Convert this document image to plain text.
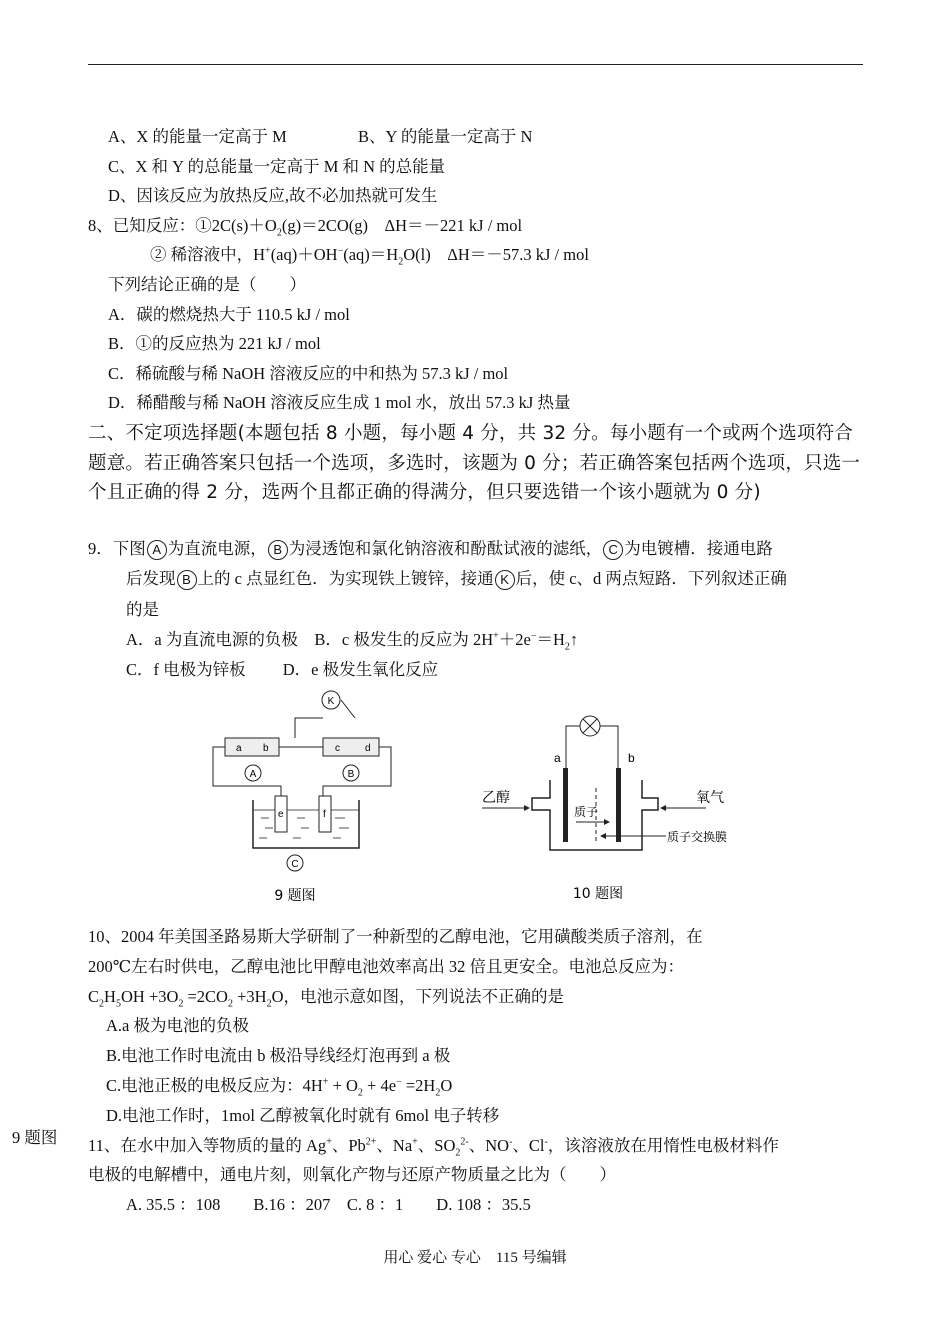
A、X 的能量一定高于 M	B、Y 的能量一定高于 N
C、X 和 Y 的总能量一定高于 M 和 N 的总能量
D、因该反应为放热反应,故不必加热就可发生
8、已知反应：$①2C(s)+O_2(g)=2CO(g)$　ΔH＝－221 kJ / mol
② 稀溶液中，$H^+(aq)+OH^-(aq)=H_2O(l)$　ΔH＝－57.3 kJ / mol
下列结论正确的是（　　）
A．碳的燃烧热大于 110.5 kJ / mol
B．①的反应热为 221 kJ / mol
C．稀硫酸与稀 NaOH 溶液反应的中和热为 57.3 kJ / mol
D．稀醋酸与稀 NaOH 溶液反应生成 1 mol 水，放出 57.3 kJ 热量
二、不定项选择题(本题包括 8 小题，每小题 4 分，共 32 分。每小题有一个或两个选项符合题意。若正确答案只包括一个选项，多选时，该题为 0 分；若正确答案包括两个选项，只选一个且正确的得 2 分，选两个且都正确的得满分，但只要选错一个该小题就为 0 分)
9．下图 A 为直流电源， B 为浸透饱和氯化钠溶液和酚酞试液的滤纸， C 为电镀槽．接通电路
后发现 B 上的 c 点显红色．为实现铁上镀锌，接通 K 后，使 c、d 两点短路．下列叙述正确
的是
A．a 为直流电源的负极　B．c 极发生的反应为 $2H^++2e^-=H_2↑$
C．f 电极为锌板　　 D．e 极发生氧化反应
K
a b
A
c	d
B
e	f
C
9 题图
a	b
质子
乙醇	氧气
质子交换膜
10 题图
10、2004 年美国圣路易斯大学研制了一种新型的乙醇电池，它用磺酸类质子溶剂，在
200℃左右时供电，乙醇电池比甲醇电池效率高出 32 倍且更安全。电池总反应为：
$C_2H_5OH +3O_2 =2CO_2 +3H_2O$，电池示意如图，下列说法不正确的是
A.a 极为电池的负极
B.电池工作时电流由 b 极沿导线经灯泡再到 a 极
C.电池正极的电极反应为：$4H^+ + O_2 + 4e^- =2H_2O$
D.电池工作时，1mol 乙醇被氧化时就有 6mol 电子转移
9 题图 11、在水中加入等物质的量的 Ag+、$Pb^{2+}$、Na+、$SO_2^{2-}$、NO-、Cl-，该溶液放在用惰性电极材料作
电极的电解槽中，通电片刻，则氧化产物与还原产物质量之比为（　　）
A. 35.5 ：108　　B.16 ：207　C. 8 ：1　　D. 108 ：35.5
用心 爱心 专心　115 号编辑
